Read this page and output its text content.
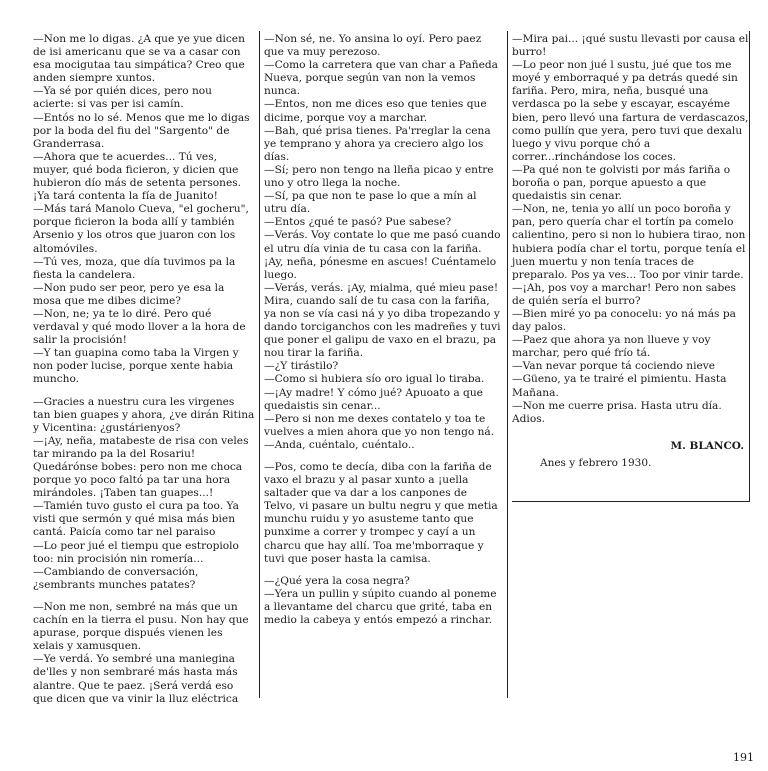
—Non me lo digas. ¿A que ye yue dicen de isi americanu que se va a casar con esa mocigutaa tau simpática? Creo que anden siempre xuntos.

—Ya sé por quién dices, pero nou acierte: si vas per isi camín.

—Entós no lo sé. Menos que me lo digas por la boda del fiu del "Sargento" de Granderrasa.

—Ahora que te acuerdes... Tú ves, muyer, qué boda ficieron, y dicien que hubieron dío más de setenta persones. ¡Ya tará contenta la fía de Juanito!

—Más tará Manolo Cueva, "el gocheru", porque ficieron la boda allí y también Arsenio y los otros que juaron con los altomóviles.

—Tú ves, moza, que día tuvimos pa la fiesta la candelera.

—Non pudo ser peor, pero ye esa la mosa que me dibes dicime?

—Non, ne; ya te lo diré. Pero qué verdaval y qué modo llover a la hora de salir la procisión!

—Y tan guapina como taba la Virgen y non poder lucise, porque xente habia muncho.

—Gracies a nuestru cura les virgenes tan bien guapes y ahora, ¿ve dirán Ritina y Vicentina: ¿gustárienyos?

—¡Ay, neña, matabeste de risa con veles tar mirando pa la del Rosariu! Quedárónse bobes: pero non me choca porque yo poco faltó pa tar una hora mirándoles. ¡Taben tan guapes...!

—Tamién tuvo gusto el cura pa too. Ya visti que sermón y qué misa más bien cantá. Paicía como tar nel paraiso

—Lo peor jué el tiempu que estropiolo too: nin procisión nin romería...

—Cambiando de conversación, ¿sembrants munches patates?

—Non me non, sembré na más que un cachín en la tierra el pusu. Non hay que apurase, porque dispués vienen les xelais y xamusquen.

—Ye verdá. Yo sembré una maniegina de'lles y non sembraré más hasta más alantre. Que te paez. ¡Será verdá eso que dicen que va vinir la lluz eléctrica

—Non sé, ne. Yo ansina lo oyí. Pero paez que va muy perezoso.

—Como la carretera que van char a Pañeda Nueva, porque según van non la vemos nunca.

—Entos, non me dices eso que tenies que dicime, porque voy a marchar.

—Bah, qué prisa tienes. Pa'rreglar la cena ye temprano y ahora ya creciero algo los días.

—Sí; pero non tengo na lleña picao y entre uno y otro llega la noche.

—Sí, pa que non te pase lo que a mín al utru día.

—Entos ¿qué te pasó? Pue sabese?

—Verás. Voy contate lo que me pasó cuando el utru día vinia de tu casa con la fariña.

¡Ay, neña, pónesme en ascues! Cuéntamelo luego.

—Verás, verás. ¡Ay, mialma, qué mieu pase! Mira, cuando salí de tu casa con la fariña, ya non se vía casi ná y yo diba tropezando y dando torciganchos con les madreñes y tuvi que poner el galipu de vaxo en el brazu, pa nou tirar la fariña.

—¿Y tirástilo?

—Como si hubiera sío oro igual lo tiraba.

—¡Ay madre! Y cómo jué? Apuoato a que quedaistis sin cenar...

—Pero si non me dexes contatelo y toa te vuelves a mien ahora que yo non tengo ná.

—Anda, cuéntalo, cuéntalo..

—Pos, como te decía, diba con la fariña de vaxo el brazu y al pasar xunto a ¡uella saltader que va dar a los canpones de Telvo, vi pasare un bultu negru y que metia munchu ruidu y yo asusteme tanto que punxime a correr y trompec y cayí a un charcu que hay allí. Toa me'mborraque y tuvi que poser hasta la camisa.

—¿Qué yera la cosa negra?

—Yera un pullin y súpito cuando al poneme a llevantame del charcu que grité, taba en medio la cabeya y entós empezó a rinchar.

—Mira pai... ¡qué sustu llevasti por causa el burro!

—Lo peor non jué l sustu, jué que tos me moyé y emborraqué y pa detrás quedé sin fariña. Pero, mira, neña, busqué una verdasca po la sebe y escayar, escayéme bien, pero llevó una fartura de verdascazos, como pullín que yera, pero tuvi que dexalu luego y vivu porque chó a correr...rinchándose los coces.

—Pa qué non te golvisti por más fariña o boroña o pan, porque apuesto a que quedaistis sin cenar.

—Non, ne, tenia yo allí un poco boroña y pan, pero quería char el tortín pa comelo calientino, pero si non lo hubiera tirao, non hubiera podía char el tortu, porque tenía el juen muertu y non tenía traces de preparalo. Pos ya ves... Too por vinir tarde.

—¡Ah, pos voy a marchar! Pero non sabes de quién sería el burro?

—Bien miré yo pa conocelu: yo ná más pa day palos.

—Paez que ahora ya non llueve y voy marchar, pero qué frío tá.

—Van nevar porque tá cociendo nieve

—Güeno, ya te trairé el pimientu. Hasta Mañana.

—Non me cuerre prisa. Hasta utru día. Adios.

M. BLANCO.

Anes y febrero 1930.

191
